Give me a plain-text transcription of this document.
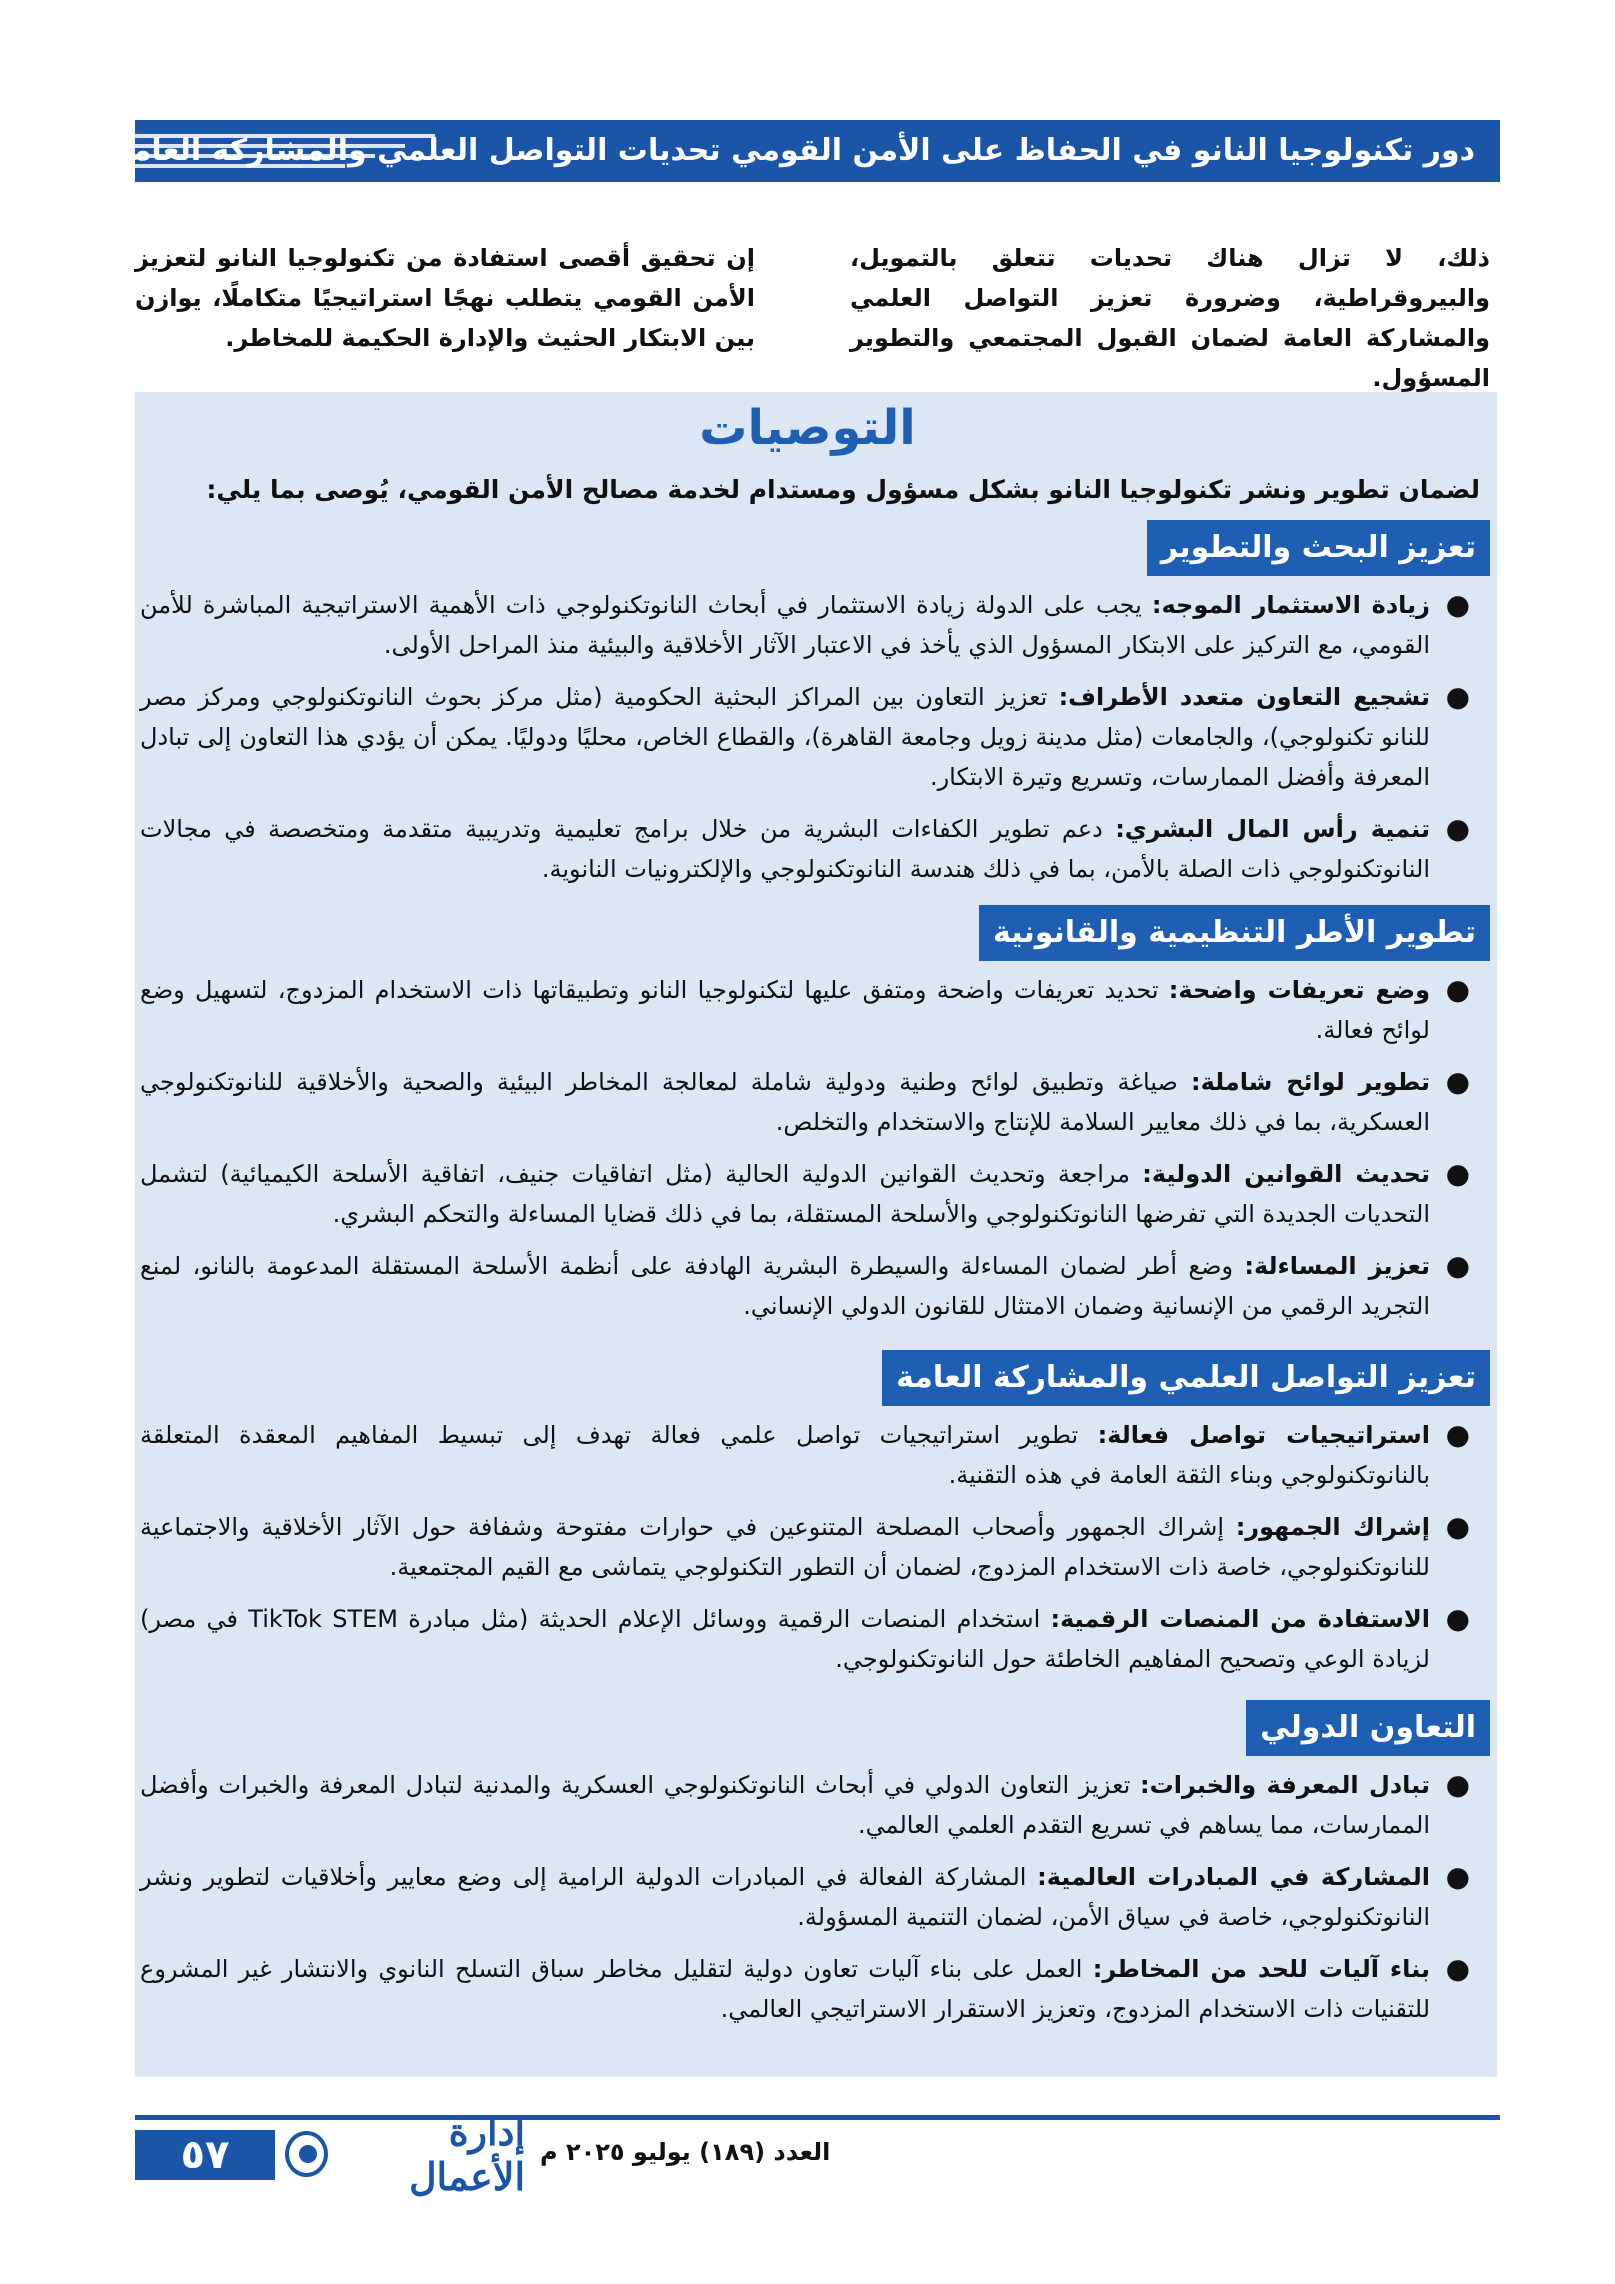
دور تكنولوجيا النانو في الحفاظ على الأمن القومي تحديات التواصل العلمي والمشاركة العامة
ذلك، لا تزال هناك تحديات تتعلق بالتمويل، والبيروقراطية، وضرورة تعزيز التواصل العلمي والمشاركة العامة لضمان القبول المجتمعي والتطوير المسؤول.
إن تحقيق أقصى استفادة من تكنولوجيا النانو لتعزيز الأمن القومي يتطلب نهجًا استراتيجيًا متكاملًا، يوازن بين الابتكار الحثيث والإدارة الحكيمة للمخاطر.
التوصيات
لضمان تطوير ونشر تكنولوجيا النانو بشكل مسؤول ومستدام لخدمة مصالح الأمن القومي، يُوصى بما يلي:
تعزيز البحث والتطوير
●
زيادة الاستثمار الموجه: يجب على الدولة زيادة الاستثمار في أبحاث النانوتكنولوجي ذات الأهمية الاستراتيجية المباشرة للأمن القومي، مع التركيز على الابتكار المسؤول الذي يأخذ في الاعتبار الآثار الأخلاقية والبيئية منذ المراحل الأولى.
●
تشجيع التعاون متعدد الأطراف: تعزيز التعاون بين المراكز البحثية الحكومية (مثل مركز بحوث النانوتكنولوجي ومركز مصر للنانو تكنولوجي)، والجامعات (مثل مدينة زويل وجامعة القاهرة)، والقطاع الخاص، محليًا ودوليًا. يمكن أن يؤدي هذا التعاون إلى تبادل المعرفة وأفضل الممارسات، وتسريع وتيرة الابتكار.
●
تنمية رأس المال البشري: دعم تطوير الكفاءات البشرية من خلال برامج تعليمية وتدريبية متقدمة ومتخصصة في مجالات النانوتكنولوجي ذات الصلة بالأمن، بما في ذلك هندسة النانوتكنولوجي والإلكترونيات النانوية.
تطوير الأطر التنظيمية والقانونية
●
وضع تعريفات واضحة: تحديد تعريفات واضحة ومتفق عليها لتكنولوجيا النانو وتطبيقاتها ذات الاستخدام المزدوج، لتسهيل وضع لوائح فعالة.
●
تطوير لوائح شاملة: صياغة وتطبيق لوائح وطنية ودولية شاملة لمعالجة المخاطر البيئية والصحية والأخلاقية للنانوتكنولوجي العسكرية، بما في ذلك معايير السلامة للإنتاج والاستخدام والتخلص.
●
تحديث القوانين الدولية: مراجعة وتحديث القوانين الدولية الحالية (مثل اتفاقيات جنيف، اتفاقية الأسلحة الكيميائية) لتشمل التحديات الجديدة التي تفرضها النانوتكنولوجي والأسلحة المستقلة، بما في ذلك قضايا المساءلة والتحكم البشري.
●
تعزيز المساءلة: وضع أطر لضمان المساءلة والسيطرة البشرية الهادفة على أنظمة الأسلحة المستقلة المدعومة بالنانو، لمنع التجريد الرقمي من الإنسانية وضمان الامتثال للقانون الدولي الإنساني.
تعزيز التواصل العلمي والمشاركة العامة
●
استراتيجيات تواصل فعالة: تطوير استراتيجيات تواصل علمي فعالة تهدف إلى تبسيط المفاهيم المعقدة المتعلقة بالنانوتكنولوجي وبناء الثقة العامة في هذه التقنية.
●
إشراك الجمهور: إشراك الجمهور وأصحاب المصلحة المتنوعين في حوارات مفتوحة وشفافة حول الآثار الأخلاقية والاجتماعية للنانوتكنولوجي، خاصة ذات الاستخدام المزدوج، لضمان أن التطور التكنولوجي يتماشى مع القيم المجتمعية.
●
الاستفادة من المنصات الرقمية: استخدام المنصات الرقمية ووسائل الإعلام الحديثة (مثل مبادرة TikTok STEM في مصر) لزيادة الوعي وتصحيح المفاهيم الخاطئة حول النانوتكنولوجي.
التعاون الدولي
●
تبادل المعرفة والخبرات: تعزيز التعاون الدولي في أبحاث النانوتكنولوجي العسكرية والمدنية لتبادل المعرفة والخبرات وأفضل الممارسات، مما يساهم في تسريع التقدم العلمي العالمي.
●
المشاركة في المبادرات العالمية: المشاركة الفعالة في المبادرات الدولية الرامية إلى وضع معايير وأخلاقيات لتطوير ونشر النانوتكنولوجي، خاصة في سياق الأمن، لضمان التنمية المسؤولة.
●
بناء آليات للحد من المخاطر: العمل على بناء آليات تعاون دولية لتقليل مخاطر سباق التسلح النانوي والانتشار غير المشروع للتقنيات ذات الاستخدام المزدوج، وتعزيز الاستقرار الاستراتيجي العالمي.
٥٧
إدارة الأعمال
العدد (١٨٩) يوليو ٢٠٢٥ م
